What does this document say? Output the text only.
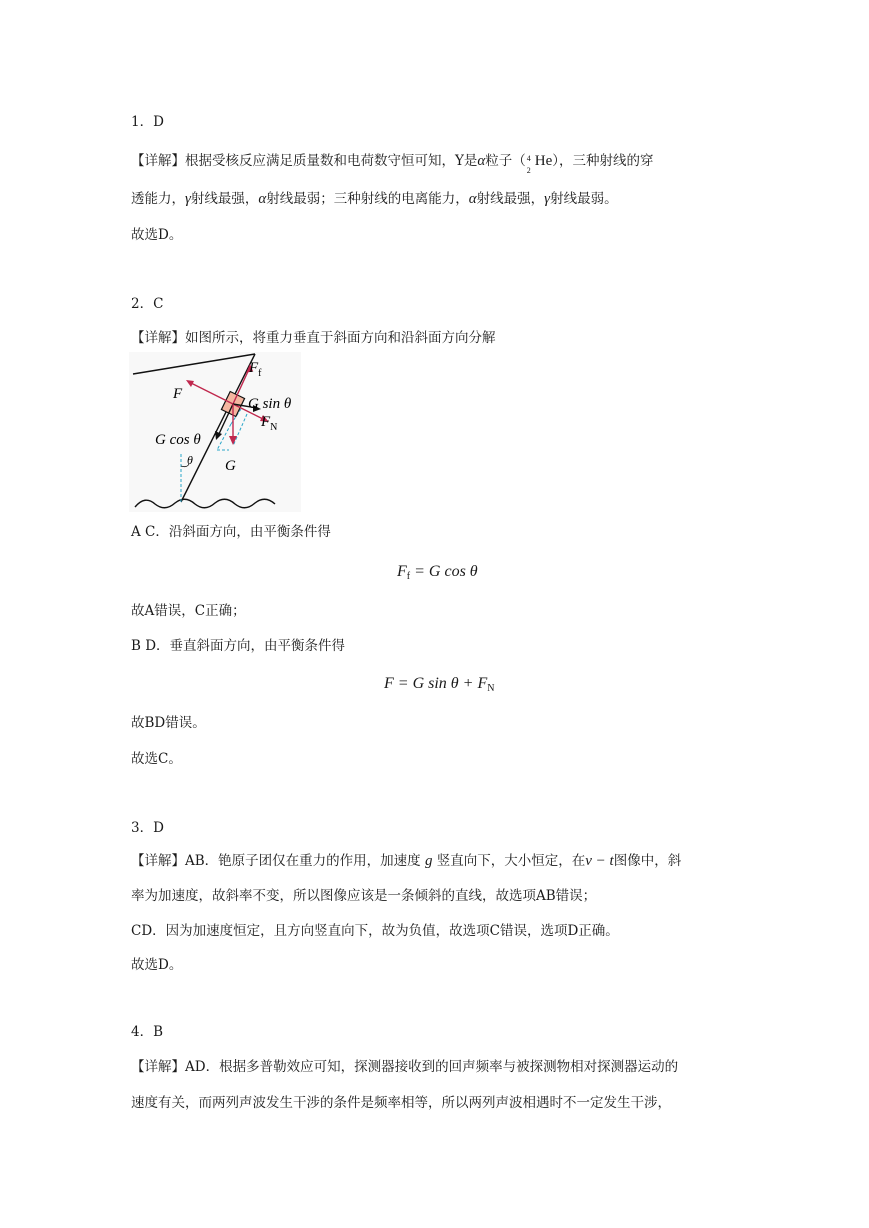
1．D
【详解】根据受核反应满足质量数和电荷数守恒可知，Y是α粒子（ 4
2
He），三种射线的穿
透能力，γ射线最强，α射线最弱；三种射线的电离能力，α射线最强，γ射线最弱。
故选D。
2．C
【详解】如图所示，将重力垂直于斜面方向和沿斜面方向分解
$F_f$
F
G sin θ
$F_N$
G cos θ
θ G
A C．沿斜面方向，由平衡条件得
$F_f = G$ cos θ
故A错误，C正确；
B D．垂直斜面方向，由平衡条件得
F = G $\sin \theta + F_N$
故BD错误。
故选C。
3．D
【详解】AB．铯原子团仅在重力的作用，加速度 g 竖直向下，大小恒定，在v − t图像中，斜
率为加速度，故斜率不变，所以图像应该是一条倾斜的直线，故选项AB错误；
CD．因为加速度恒定，且方向竖直向下，故为负值，故选项C错误，选项D正确。
故选D。
4．B
【详解】AD．根据多普勒效应可知，探测器接收到的回声频率与被探测物相对探测器运动的
速度有关，而两列声波发生干涉的条件是频率相等，所以两列声波相遇时不一定发生干涉，
